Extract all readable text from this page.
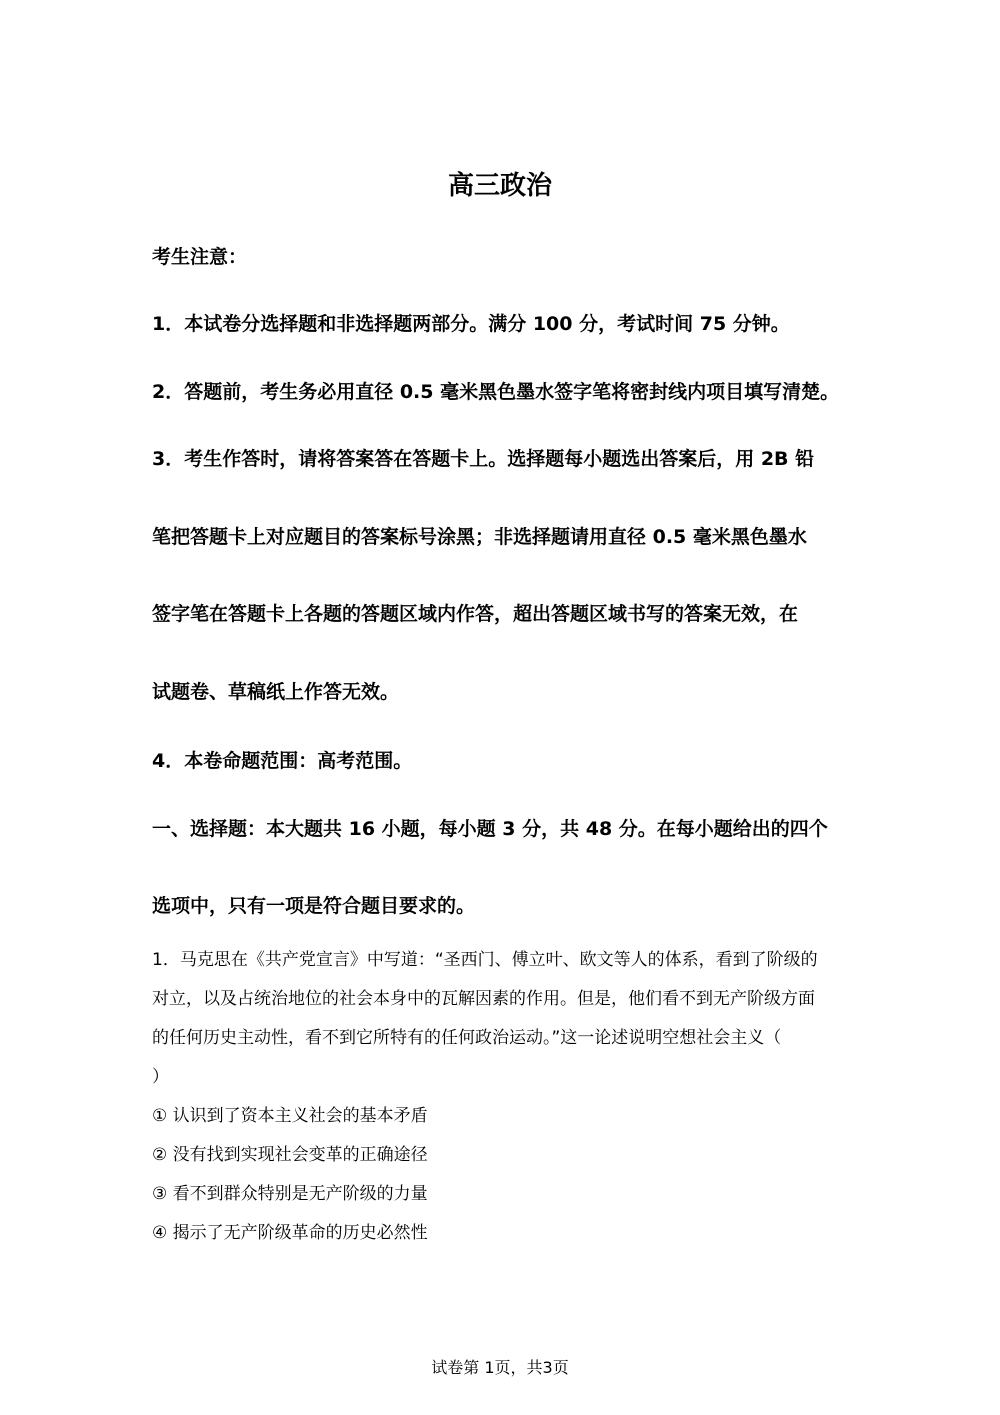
高三政治
考生注意：
1．本试卷分选择题和非选择题两部分。满分 100 分，考试时间 75 分钟。
2．答题前，考生务必用直径 0.5 毫米黑色墨水签字笔将密封线内项目填写清楚。
3．考生作答时，请将答案答在答题卡上。选择题每小题选出答案后，用 2B 铅
笔把答题卡上对应题目的答案标号涂黑；非选择题请用直径 0.5 毫米黑色墨水
签字笔在答题卡上各题的答题区域内作答，超出答题区域书写的答案无效，在
试题卷、草稿纸上作答无效。
4．本卷命题范围：高考范围。
一、选择题：本大题共 16 小题，每小题 3 分，共 48 分。在每小题给出的四个
选项中，只有一项是符合题目要求的。
1．马克思在《共产党宣言》中写道：“圣西门、傅立叶、欧文等人的体系，看到了阶级的
对立，以及占统治地位的社会本身中的瓦解因素的作用。但是，他们看不到无产阶级方面
的任何历史主动性，看不到它所特有的任何政治运动。”这一论述说明空想社会主义（
）
① 认识到了资本主义社会的基本矛盾
② 没有找到实现社会变革的正确途径
③ 看不到群众特别是无产阶级的力量
④ 揭示了无产阶级革命的历史必然性
试卷第 1页，共3页
